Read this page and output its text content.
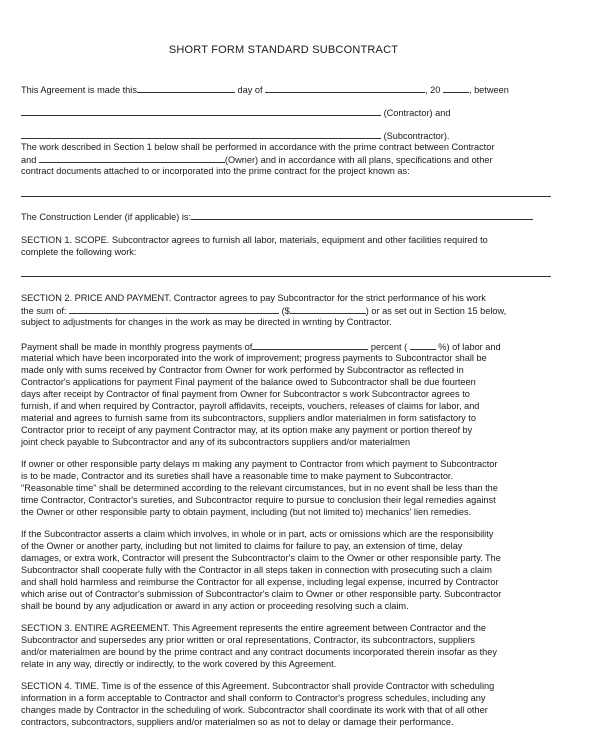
SHORT FORM STANDARD SUBCONTRACT
This Agreement is made this	day of	, 20	, between
(Contractor) and
(Subcontractor).
The work described in Section 1 below shall be performed in accordance with the prime contract between Contractor
and	(Owner) and in accordance with all plans, specifications and other
contract documents attached to or incorporated into the prime contract for the project known as:
The Construction Lender (if applicable) is:
SECTION 1. SCOPE. Subcontractor agrees to furnish all labor, materials, equipment and other facilities required to
complete the following work:
SECTION 2. PRICE AND PAYMENT. Contractor agrees to pay Subcontractor for the strict performance of his work
the sum of:	($	) or as set out in Section 15 below,
subject to adjustments for changes in the work as may be directed in wrnting by Contractor.
Payment shall be made in monthly progress payments of	percent (	%) of labor and
material which have been incorporated into the work of improvement; progress payments to Subcontractor shall be
made only with sums received by Contractor from Owner for work performed by Subcontractor as reflected in
Contractor's applications for payment Final payment of the balance owed to Subcontractor shall be due fourteen
days after receipt by Contractor of final payment from Owner for Subcontractor s work Subcontractor agrees to
furnish, if and when required by Contractor, payroll affidavits, receipts, vouchers, releases of claims for labor, and
material and agrees to furnish same from its subcontractors, suppliers andlor materialmen in form satisfactory to
Contractor prior to receipt of any payment Contractor may, at its option make any payment or portion thereof by
joint check payable to Subcontractor and any of its subcontractors suppliers and/or materialmen
If owner or other responsible party delays m making any payment to Contractor from which payment to Subcontractor
is to be made, Contractor and its sureties shall have a reasonable time to make payment to Subcontractor.
"Reasonable time" shall be determined according to the relevant circumstances, but in no event shall be less than the
time Contractor, Contractor's sureties, and Subcontractor require to pursue to conclusion their legal remedies against
the Owner or other responsible party to obtain payment, including (but not limited to) mechanics' lien remedies.
If the Subcontractor asserts a claim which involves, in whole or in part, acts or omissions which are the responsibility
of the Owner or another party, including but not limited to claims for failure to pay, an extension of time, delay
damages, or extra work, Contractor will present the Subcontractor's claim to the Owner or other responsible party. The
Subcontractor shall cooperate fully with the Contractor in all steps taken in connection with prosecuting such a claim
and shall hold harmless and reimburse the Contractor for all expense, including legal expense, incurred by Contractor
which arise out of Contractor's submission of Subcontractor's claim to Owner or other responsible party. Subcontractor
shall be bound by any adjudication or award in any action or proceeding resolving such a claim.
SECTION 3. ENTIRE AGREEMENT. This Agreement represents the entire agreement between Contractor and the
Subcontractor and supersedes any prior written or oral representations, Contractor, its subcontractors, suppliers
and/or materialmen are bound by the prime contract and any contract documents incorporated therein insofar as they
relate in any way, directly or indirectly, to the work covered by this Agreement.
SECTION 4. TIME. Time is of the essence of this Agreement. Subcontractor shall provide Contractor with scheduling
information in a form acceptable to Contractor and shall conform to Contractor's progress schedules, including any
changes made by Contractor in the scheduling of work. Subcontractor shall coordinate its work with that of all other
contractors, subcontractors, suppliers and/or materialmen so as not to delay or damage their performance.
